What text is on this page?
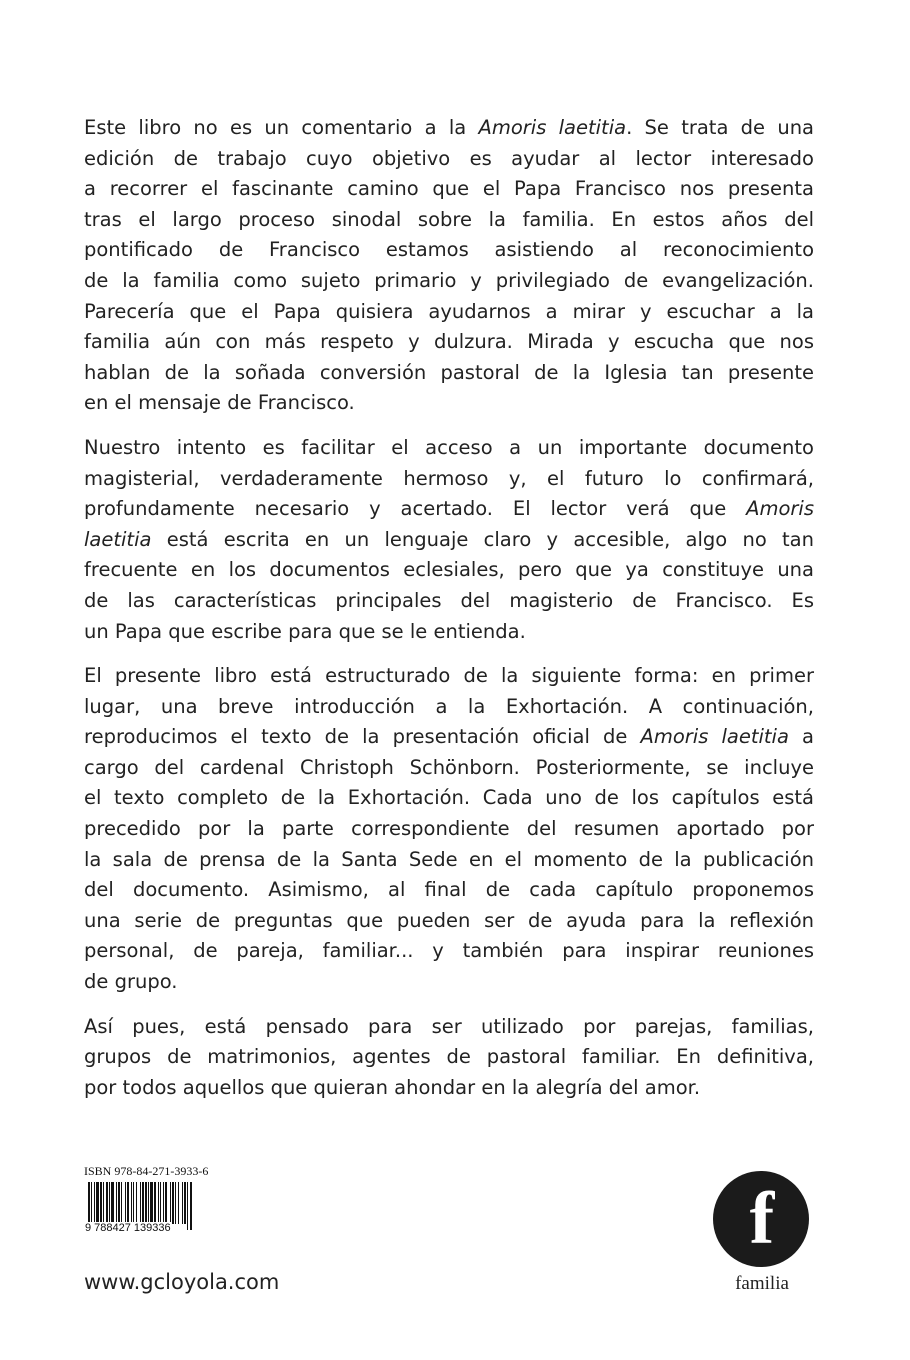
Este libro no es un comentario a la Amoris laetitia. Se trata de una
edición de trabajo cuyo objetivo es ayudar al lector interesado
a recorrer el fascinante camino que el Papa Francisco nos presenta
tras el largo proceso sinodal sobre la familia. En estos años del
pontificado de Francisco estamos asistiendo al reconocimiento
de la familia como sujeto primario y privilegiado de evangelización.
Parecería que el Papa quisiera ayudarnos a mirar y escuchar a la
familia aún con más respeto y dulzura. Mirada y escucha que nos
hablan de la soñada conversión pastoral de la Iglesia tan presente
en el mensaje de Francisco.
Nuestro intento es facilitar el acceso a un importante documento
magisterial, verdaderamente hermoso y, el futuro lo confirmará,
profundamente necesario y acertado. El lector verá que Amoris
laetitia está escrita en un lenguaje claro y accesible, algo no tan
frecuente en los documentos eclesiales, pero que ya constituye una
de las características principales del magisterio de Francisco. Es
un Papa que escribe para que se le entienda.
El presente libro está estructurado de la siguiente forma: en primer
lugar, una breve introducción a la Exhortación. A continuación,
reproducimos el texto de la presentación oficial de Amoris laetitia a
cargo del cardenal Christoph Schönborn. Posteriormente, se incluye
el texto completo de la Exhortación. Cada uno de los capítulos está
precedido por la parte correspondiente del resumen aportado por
la sala de prensa de la Santa Sede en el momento de la publicación
del documento. Asimismo, al final de cada capítulo proponemos
una serie de preguntas que pueden ser de ayuda para la reflexión
personal, de pareja, familiar... y también para inspirar reuniones
de grupo.
Así pues, está pensado para ser utilizado por parejas, familias,
grupos de matrimonios, agentes de pastoral familiar. En definitiva,
por todos aquellos que quieran ahondar en la alegría del amor.
ISBN 978-84-271-3933-6
9 788427 139336
www.gcloyola.com
f
familia
